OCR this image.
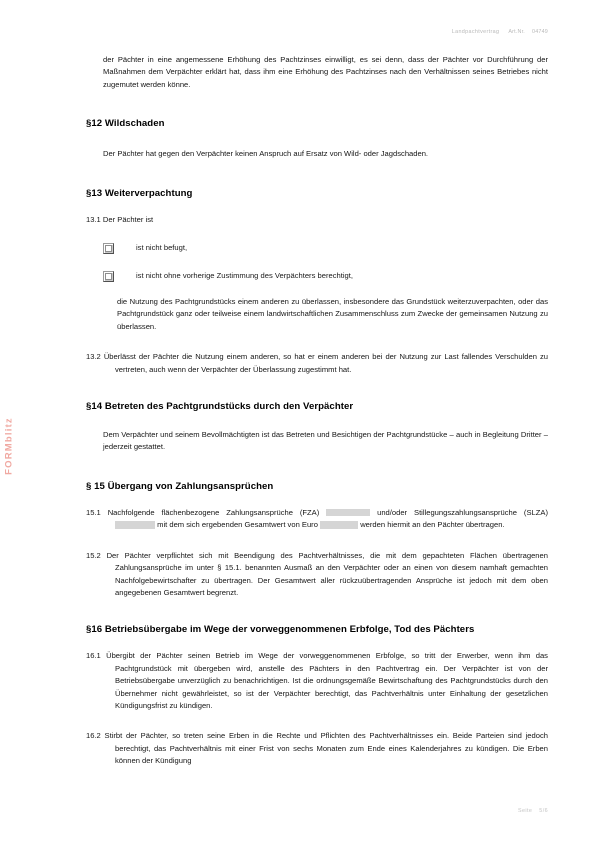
Landpachtvertrag Art.Nr. 04749
FORMblitz

der Pächter in eine angemessene Erhöhung des Pachtzinses einwilligt, es sei denn, dass der Pächter vor Durchführung der Maßnahmen dem Verpächter erklärt hat, dass ihm eine Erhöhung des Pachtzinses nach den Verhältnissen seines Betriebes nicht zugemutet werden könne.

§12 Wildschaden

Der Pächter hat gegen den Verpächter keinen Anspruch auf Ersatz von Wild- oder Jagdschaden.

§13 Weiterverpachtung

13.1 Der Pächter ist

ist nicht befugt,
ist nicht ohne vorherige Zustimmung des Verpächters berechtigt,

die Nutzung des Pachtgrundstücks einem anderen zu überlassen, insbesondere das Grundstück weiterzuverpachten, oder das Pachtgrundstück ganz oder teilweise einem landwirtschaftlichen Zusammenschluss zum Zwecke der gemeinsamen Nutzung zu überlassen.

13.2 Überlässt der Pächter die Nutzung einem anderen, so hat er einem anderen bei der Nutzung zur Last fallendes Verschulden zu vertreten, auch wenn der Verpächter der Überlassung zugestimmt hat.

§14 Betreten des Pachtgrundstücks durch den Verpächter

Dem Verpächter und seinem Bevollmächtigten ist das Betreten und Besichtigen der Pachtgrundstücke – auch in Begleitung Dritter – jederzeit gestattet.

§ 15 Übergang von Zahlungsansprüchen

15.1 Nachfolgende flächenbezogene Zahlungsansprüche (FZA)	und/oder Stillegungszahlungsansprüche (SLZA)  mit dem sich ergebenden Gesamtwert von Euro	werden hiermit an den Pächter übertragen.

15.2 Der Pächter verpflichtet sich mit Beendigung des Pachtverhältnisses, die mit dem gepachteten Flächen übertragenen Zahlungsansprüche im unter § 15.1. benannten Ausmaß an den Verpächter oder an einen von diesem namhaft gemachten Nachfolgebewirtschafter zu übertragen. Der Gesamtwert aller rückzuübertragenden Ansprüche ist jedoch mit dem oben angegebenen Gesamtwert begrenzt.

§16 Betriebsübergabe im Wege der vorweggenommenen Erbfolge, Tod des Pächters

16.1 Übergibt der Pächter seinen Betrieb im Wege der vorweggenommenen Erbfolge, so tritt der Erwerber, wenn ihm das Pachtgrundstück mit übergeben wird, anstelle des Pächters in den Pachtvertrag ein. Der Verpächter ist von der Betriebsübergabe unverzüglich zu benachrichtigen. Ist die ordnungsgemäße Bewirtschaftung des Pachtgrundstücks durch den Übernehmer nicht gewährleistet, so ist der Verpächter berechtigt, das Pachtverhältnis unter Einhaltung der gesetzlichen Kündigungsfrist zu kündigen.

16.2 Stirbt der Pächter, so treten seine Erben in die Rechte und Pflichten des Pachtverhältnisses ein. Beide Parteien sind jedoch berechtigt, das Pachtverhältnis mit einer Frist von sechs Monaten zum Ende eines Kalenderjahres zu kündigen. Die Erben können der Kündigung

Seite 5/6
